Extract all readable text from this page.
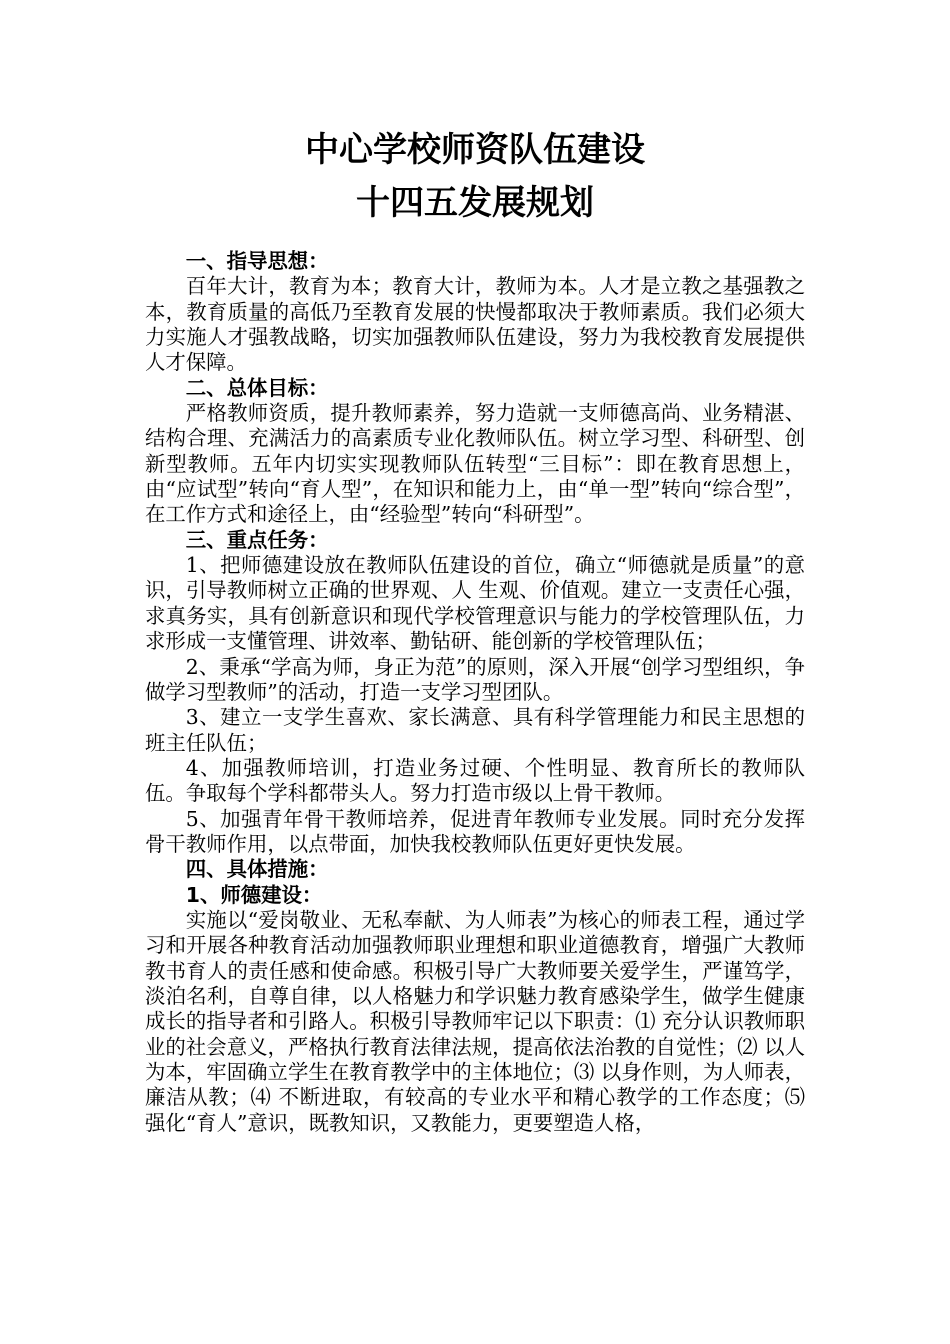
中心学校师资队伍建设
十四五发展规划

一、指导思想：

百年大计，教育为本；教育大计，教师为本。人才是立教之基强教之本，教育质量的高低乃至教育发展的快慢都取决于教师素质。我们必须大力实施人才强教战略，切实加强教师队伍建设，努力为我校教育发展提供人才保障。

二、总体目标：

严格教师资质，提升教师素养，努力造就一支师德高尚、业务精湛、结构合理、充满活力的高素质专业化教师队伍。树立学习型、科研型、创新型教师。五年内切实实现教师队伍转型“三目标”：即在教育思想上，由“应试型”转向“育人型”，在知识和能力上，由“单一型”转向“综合型”，在工作方式和途径上，由“经验型”转向“科研型”。

三、重点任务：

1、把师德建设放在教师队伍建设的首位，确立“师德就是质量”的意识，引导教师树立正确的世界观、人 生观、价值观。建立一支责任心强，求真务实，具有创新意识和现代学校管理意识与能力的学校管理队伍，力求形成一支懂管理、讲效率、勤钻研、能创新的学校管理队伍；

2、秉承“学高为师，身正为范”的原则，深入开展“创学习型组织，争做学习型教师”的活动，打造一支学习型团队。

3、建立一支学生喜欢、家长满意、具有科学管理能力和民主思想的班主任队伍；

4、加强教师培训，打造业务过硬、个性明显、教育所长的教师队伍。争取每个学科都带头人。努力打造市级以上骨干教师。

5、加强青年骨干教师培养，促进青年教师专业发展。同时充分发挥骨干教师作用，以点带面，加快我校教师队伍更好更快发展。

四、具体措施：

1、师德建设：

实施以“爱岗敬业、无私奉献、为人师表”为核心的师表工程，通过学习和开展各种教育活动加强教师职业理想和职业道德教育，增强广大教师教书育人的责任感和使命感。积极引导广大教师要关爱学生，严谨笃学，淡泊名利，自尊自律，以人格魅力和学识魅力教育感染学生，做学生健康成长的指导者和引路人。积极引导教师牢记以下职责：⑴ 充分认识教师职业的社会意义，严格执行教育法律法规，提高依法治教的自觉性；⑵ 以人为本，牢固确立学生在教育教学中的主体地位；⑶ 以身作则，为人师表，廉洁从教；⑷ 不断进取，有较高的专业水平和精心教学的工作态度；⑸ 强化“育人”意识，既教知识，又教能力，更要塑造人格，
